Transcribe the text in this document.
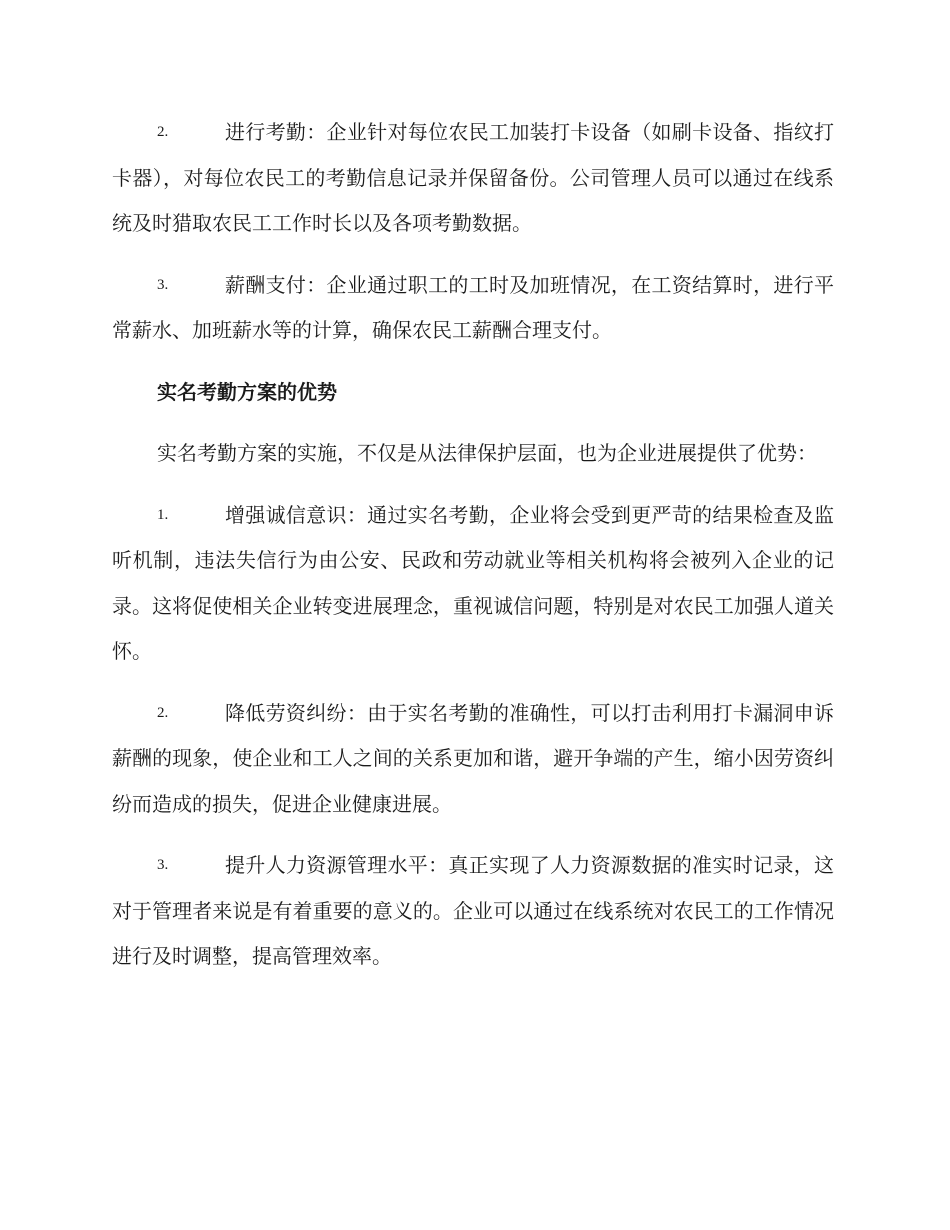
2.	进行考勤：企业针对每位农民工加装打卡设备（如刷卡设备、指纹打卡器），对每位农民工的考勤信息记录并保留备份。公司管理人员可以通过在线系统及时猎取农民工工作时长以及各项考勤数据。
3.	薪酬支付：企业通过职工的工时及加班情况，在工资结算时，进行平常薪水、加班薪水等的计算，确保农民工薪酬合理支付。
实名考勤方案的优势
实名考勤方案的实施，不仅是从法律保护层面，也为企业进展提供了优势：
1.	增强诚信意识：通过实名考勤，企业将会受到更严苛的结果检查及监听机制，违法失信行为由公安、民政和劳动就业等相关机构将会被列入企业的记录。这将促使相关企业转变进展理念，重视诚信问题，特别是对农民工加强人道关怀。
2.	降低劳资纠纷：由于实名考勤的准确性，可以打击利用打卡漏洞申诉薪酬的现象，使企业和工人之间的关系更加和谐，避开争端的产生，缩小因劳资纠纷而造成的损失，促进企业健康进展。
3.	提升人力资源管理水平：真正实现了人力资源数据的准实时记录，这对于管理者来说是有着重要的意义的。企业可以通过在线系统对农民工的工作情况进行及时调整，提高管理效率。
